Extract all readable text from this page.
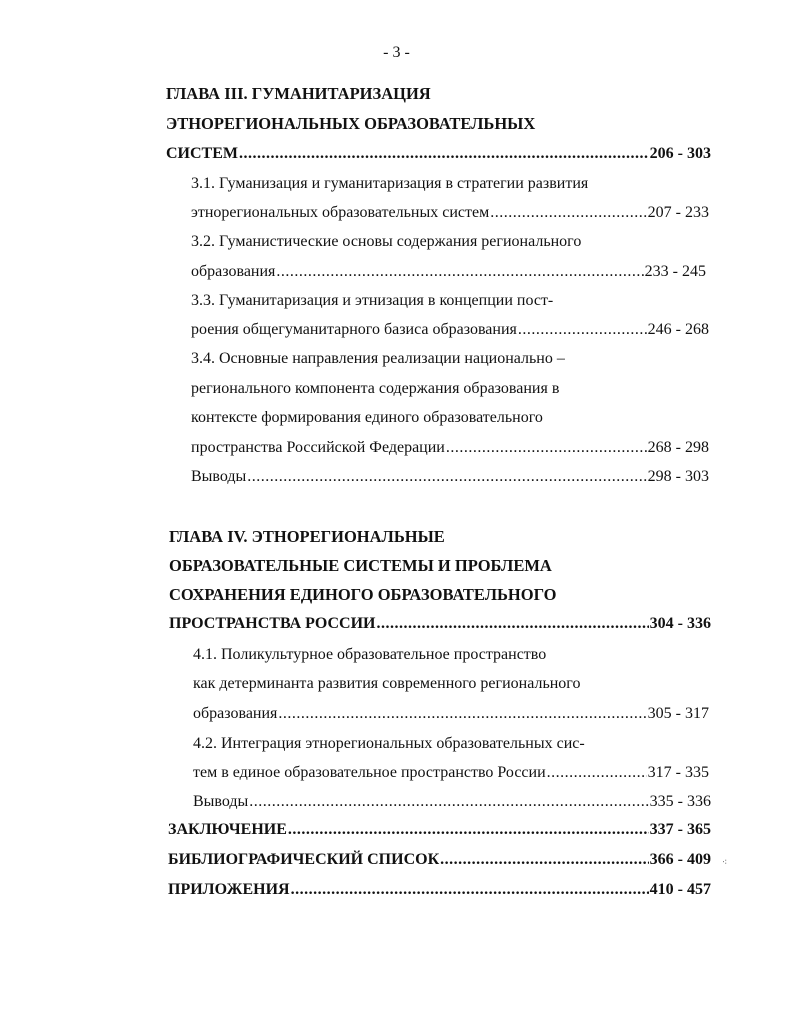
- 3 -
ГЛАВА III. ГУМАНИТАРИЗАЦИЯ
ЭТНОРЕГИОНАЛЬНЫХ ОБРАЗОВАТЕЛЬНЫХ
СИСТЕМ .....	206 - 303
3.1. Гуманизация и гуманитаризация в стратегии развития
этнорегиональных образовательных систем .....	207 - 233
3.2. Гуманистические основы содержания регионального
образования .....	233 - 245
3.3. Гуманитаризация и этнизация в концепции пост-
роения общегуманитарного базиса образования .....	246 - 268
3.4. Основные направления реализации национально –
регионального компонента содержания образования в
контексте формирования единого образовательного
пространства Российской Федерации .....	268 - 298
Выводы .....	298 - 303
ГЛАВА IV. ЭТНОРЕГИОНАЛЬНЫЕ
ОБРАЗОВАТЕЛЬНЫЕ СИСТЕМЫ И ПРОБЛЕМА
СОХРАНЕНИЯ ЕДИНОГО ОБРАЗОВАТЕЛЬНОГО
ПРОСТРАНСТВА РОССИИ .....	304 - 336
4.1. Поликультурное образовательное пространство
как детерминанта развития современного регионального
образования .....	305 - 317
4.2. Интеграция этнорегиональных образовательных сис-
тем в единое образовательное пространство России .....	317 - 335
Выводы .....	335 - 336
ЗАКЛЮЧЕНИЕ .....	337 - 365
БИБЛИОГРАФИЧЕСКИЙ СПИСОК .....	366 - 409
ПРИЛОЖЕНИЯ .....	410 - 457
⁖
